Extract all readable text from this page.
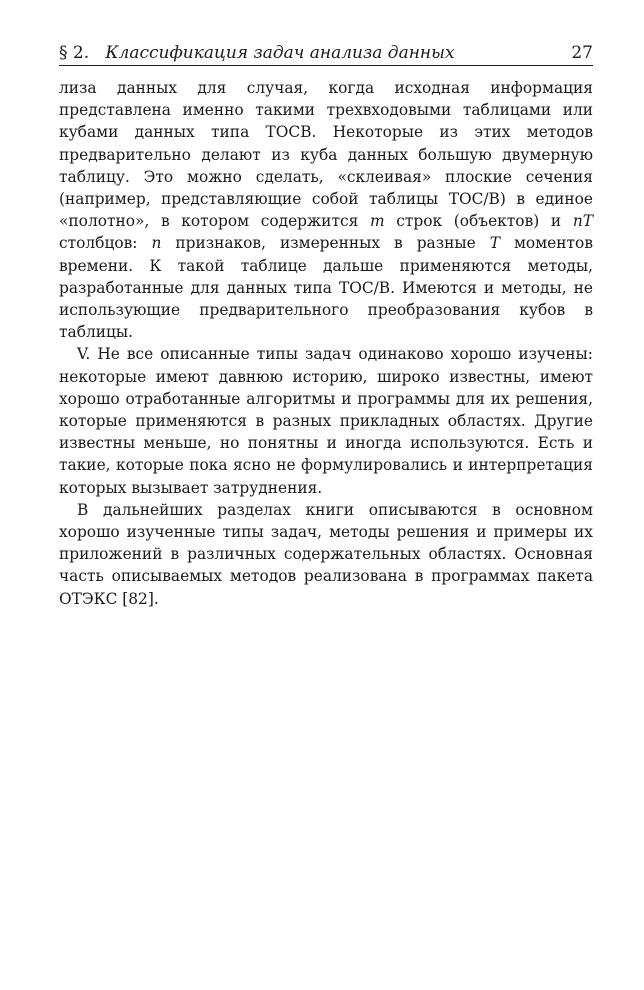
§ 2. Классификация задач анализа данных	27

лиза данных для случая, когда исходная информация представлена именно такими трехвходовыми таблицами или кубами данных типа ТОСВ. Некоторые из этих методов предварительно делают из куба данных большую двумерную таблицу. Это можно сделать, «склеивая» плоские сечения (например, представляющие собой таблицы ТОС/В) в единое «полотно», в котором содержится m строк (объектов) и nT столбцов: n признаков, измеренных в разные T моментов времени. К такой таблице дальше применяются методы, разработанные для данных типа ТОС/В. Имеются и методы, не использующие предварительного преобразования кубов в таблицы.

V. Не все описанные типы задач одинаково хорошо изучены: некоторые имеют давнюю историю, широко известны, имеют хорошо отработанные алгоритмы и программы для их решения, которые применяются в разных прикладных областях. Другие известны меньше, но понятны и иногда используются. Есть и такие, которые пока ясно не формулировались и интерпретация которых вызывает затруднения.

В дальнейших разделах книги описываются в основном хорошо изученные типы задач, методы решения и примеры их приложений в различных содержательных областях. Основная часть описываемых методов реализована в программах пакета ОТЭКС [82].
